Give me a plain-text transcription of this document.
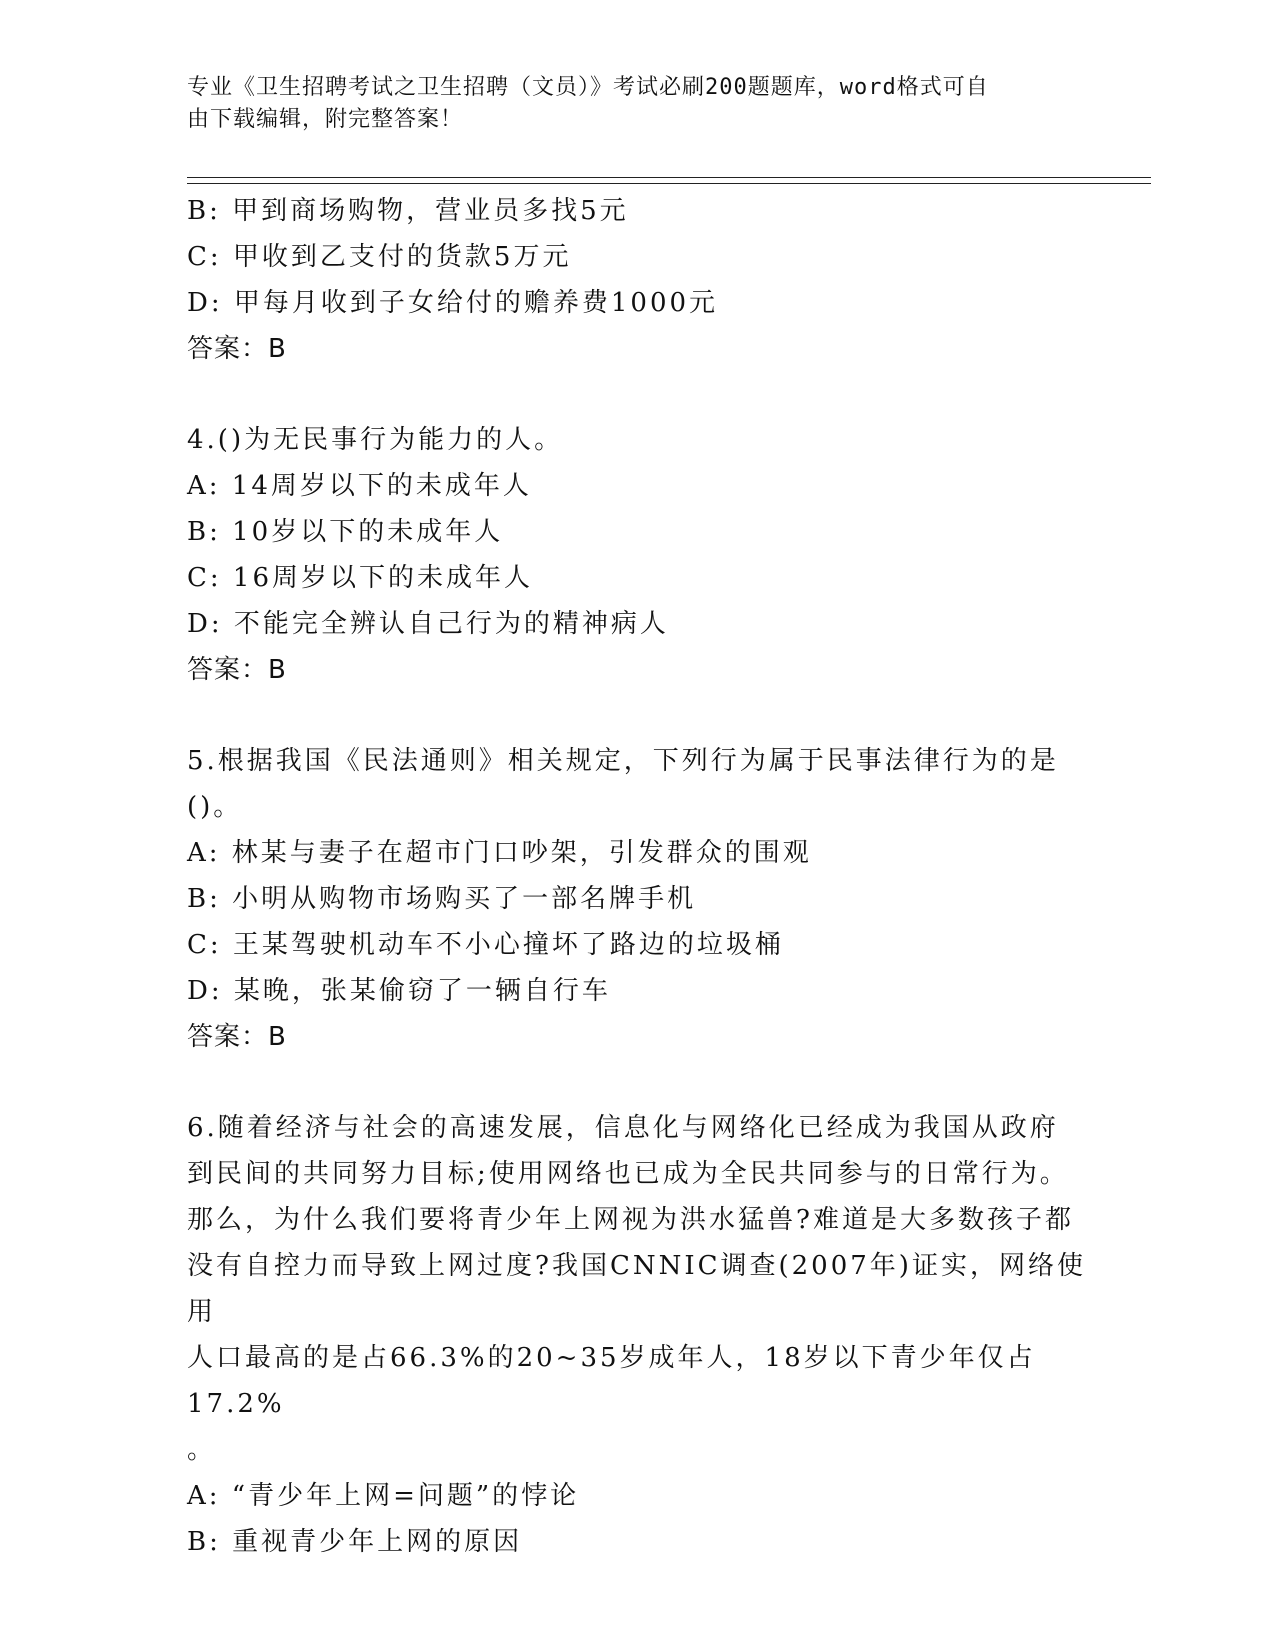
专业《卫生招聘考试之卫生招聘（文员）》考试必刷200题题库，word格式可自
由下载编辑，附完整答案！
B: 甲到商场购物，营业员多找5元
C: 甲收到乙支付的货款5万元
D: 甲每月收到子女给付的赡养费1000元
答案：B
4.()为无民事行为能力的人。
A: 14周岁以下的未成年人
B: 10岁以下的未成年人
C: 16周岁以下的未成年人
D: 不能完全辨认自己行为的精神病人
答案：B
5.根据我国《民法通则》相关规定，下列行为属于民事法律行为的是
()。
A: 林某与妻子在超市门口吵架，引发群众的围观
B: 小明从购物市场购买了一部名牌手机
C: 王某驾驶机动车不小心撞坏了路边的垃圾桶
D: 某晚，张某偷窃了一辆自行车
答案：B
6.随着经济与社会的高速发展，信息化与网络化已经成为我国从政府
到民间的共同努力目标;使用网络也已成为全民共同参与的日常行为。
那么，为什么我们要将青少年上网视为洪水猛兽?难道是大多数孩子都
没有自控力而导致上网过度?我国CNNIC调查(2007年)证实，网络使用
人口最高的是占66.3%的20~35岁成年人，18岁以下青少年仅占17.2%
。
A: “青少年上网=问题”的悖论
B: 重视青少年上网的原因
